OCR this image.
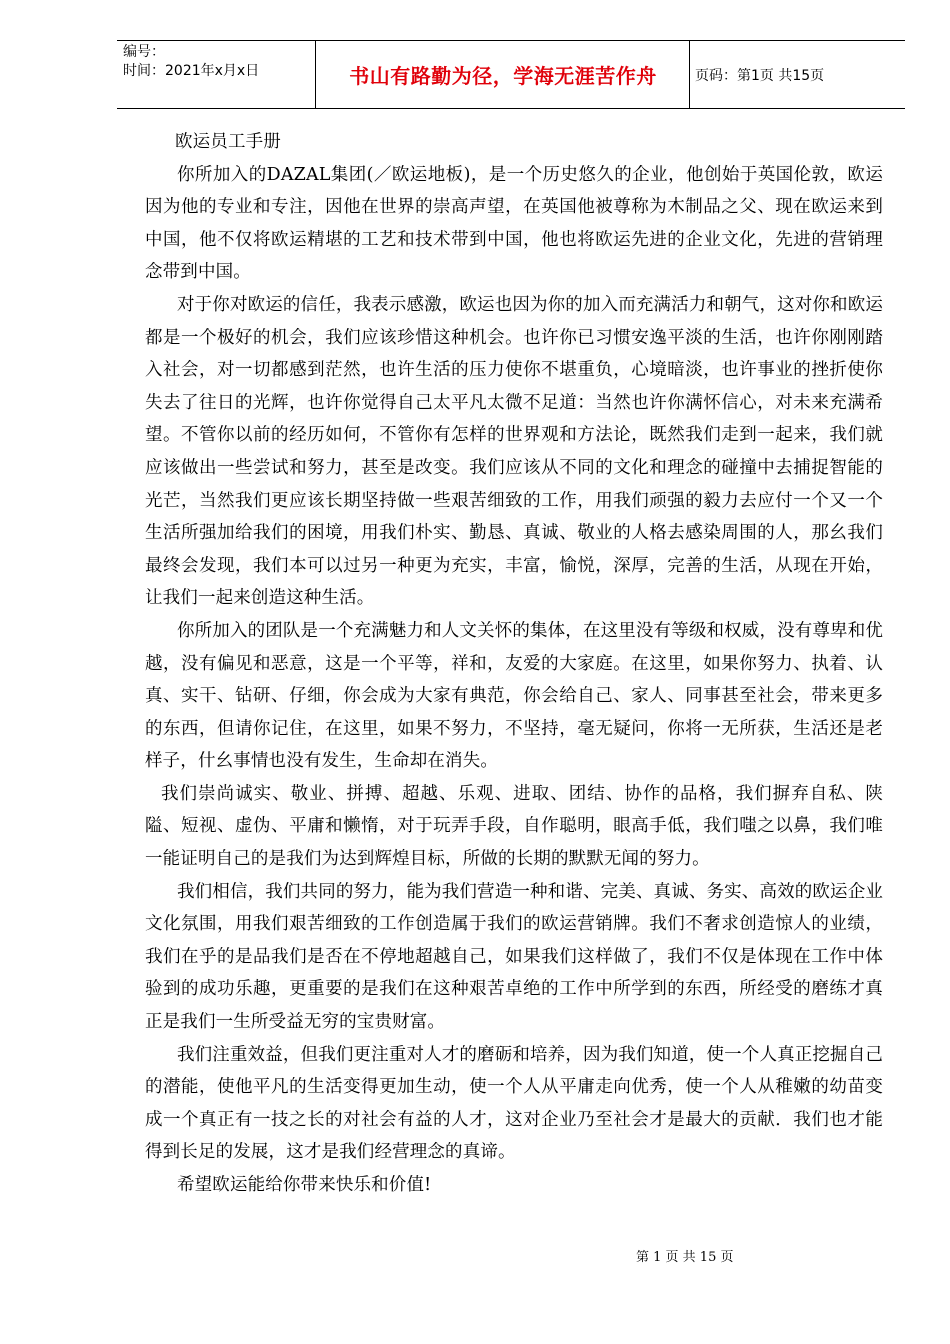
编号：
时间：2021年x月x日	书山有路勤为径，学海无涯苦作舟	页码：第1页 共15页

欧运员工手册

你所加入的DAZAL集团(／欧运地板)，是一个历史悠久的企业，他创始于英国伦敦，欧运因为他的专业和专注，因他在世界的崇高声望，在英国他被尊称为木制品之父、现在欧运来到中国，他不仅将欧运精堪的工艺和技术带到中国，他也将欧运先进的企业文化，先进的营销理念带到中国。

对于你对欧运的信任，我表示感激，欧运也因为你的加入而充满活力和朝气，这对你和欧运都是一个极好的机会，我们应该珍惜这种机会。也许你已习惯安逸平淡的生活，也许你刚刚踏入社会，对一切都感到茫然，也许生活的压力使你不堪重负，心境暗淡，也许事业的挫折使你失去了往日的光辉，也许你觉得自己太平凡太微不足道：当然也许你满怀信心，对未来充满希望。不管你以前的经历如何，不管你有怎样的世界观和方法论，既然我们走到一起来，我们就应该做出一些尝试和努力，甚至是改变。我们应该从不同的文化和理念的碰撞中去捕捉智能的光芒，当然我们更应该长期坚持做一些艰苦细致的工作，用我们顽强的毅力去应付一个又一个生活所强加给我们的困境，用我们朴实、勤恳、真诚、敬业的人格去感染周围的人，那幺我们最终会发现，我们本可以过另一种更为充实，丰富，愉悦，深厚，完善的生活，从现在开始，让我们一起来创造这种生活。

你所加入的团队是一个充满魅力和人文关怀的集体，在这里没有等级和权威，没有尊卑和优越，没有偏见和恶意，这是一个平等，祥和，友爱的大家庭。在这里，如果你努力、执着、认真、实干、钻研、仔细，你会成为大家有典范，你会给自己、家人、同事甚至社会，带来更多的东西，但请你记住，在这里，如果不努力，不坚持，毫无疑问，你将一无所获，生活还是老样子，什幺事情也没有发生，生命却在消失。

我们崇尚诚实、敬业、拼搏、超越、乐观、进取、团结、协作的品格，我们摒弃自私、陕隘、短视、虚伪、平庸和懒惰，对于玩弄手段，自作聪明，眼高手低，我们嗤之以鼻，我们唯一能证明自己的是我们为达到辉煌目标，所做的长期的默默无闻的努力。

我们相信，我们共同的努力，能为我们营造一种和谐、完美、真诚、务实、高效的欧运企业文化氛围，用我们艰苦细致的工作创造属于我们的欧运营销牌。我们不奢求创造惊人的业绩，我们在乎的是品我们是否在不停地超越自己，如果我们这样做了，我们不仅是体现在工作中体验到的成功乐趣，更重要的是我们在这种艰苦卓绝的工作中所学到的东西，所经受的磨练才真正是我们一生所受益无穷的宝贵财富。

我们注重效益，但我们更注重对人才的磨砺和培养，因为我们知道，使一个人真正挖掘自己的潜能，使他平凡的生活变得更加生动，使一个人从平庸走向优秀，使一个人从稚嫩的幼苗变成一个真正有一技之长的对社会有益的人才，这对企业乃至社会才是最大的贡献．我们也才能得到长足的发展，这才是我们经营理念的真谛。

希望欧运能给你带来快乐和价值!

第 1 页 共 15 页
